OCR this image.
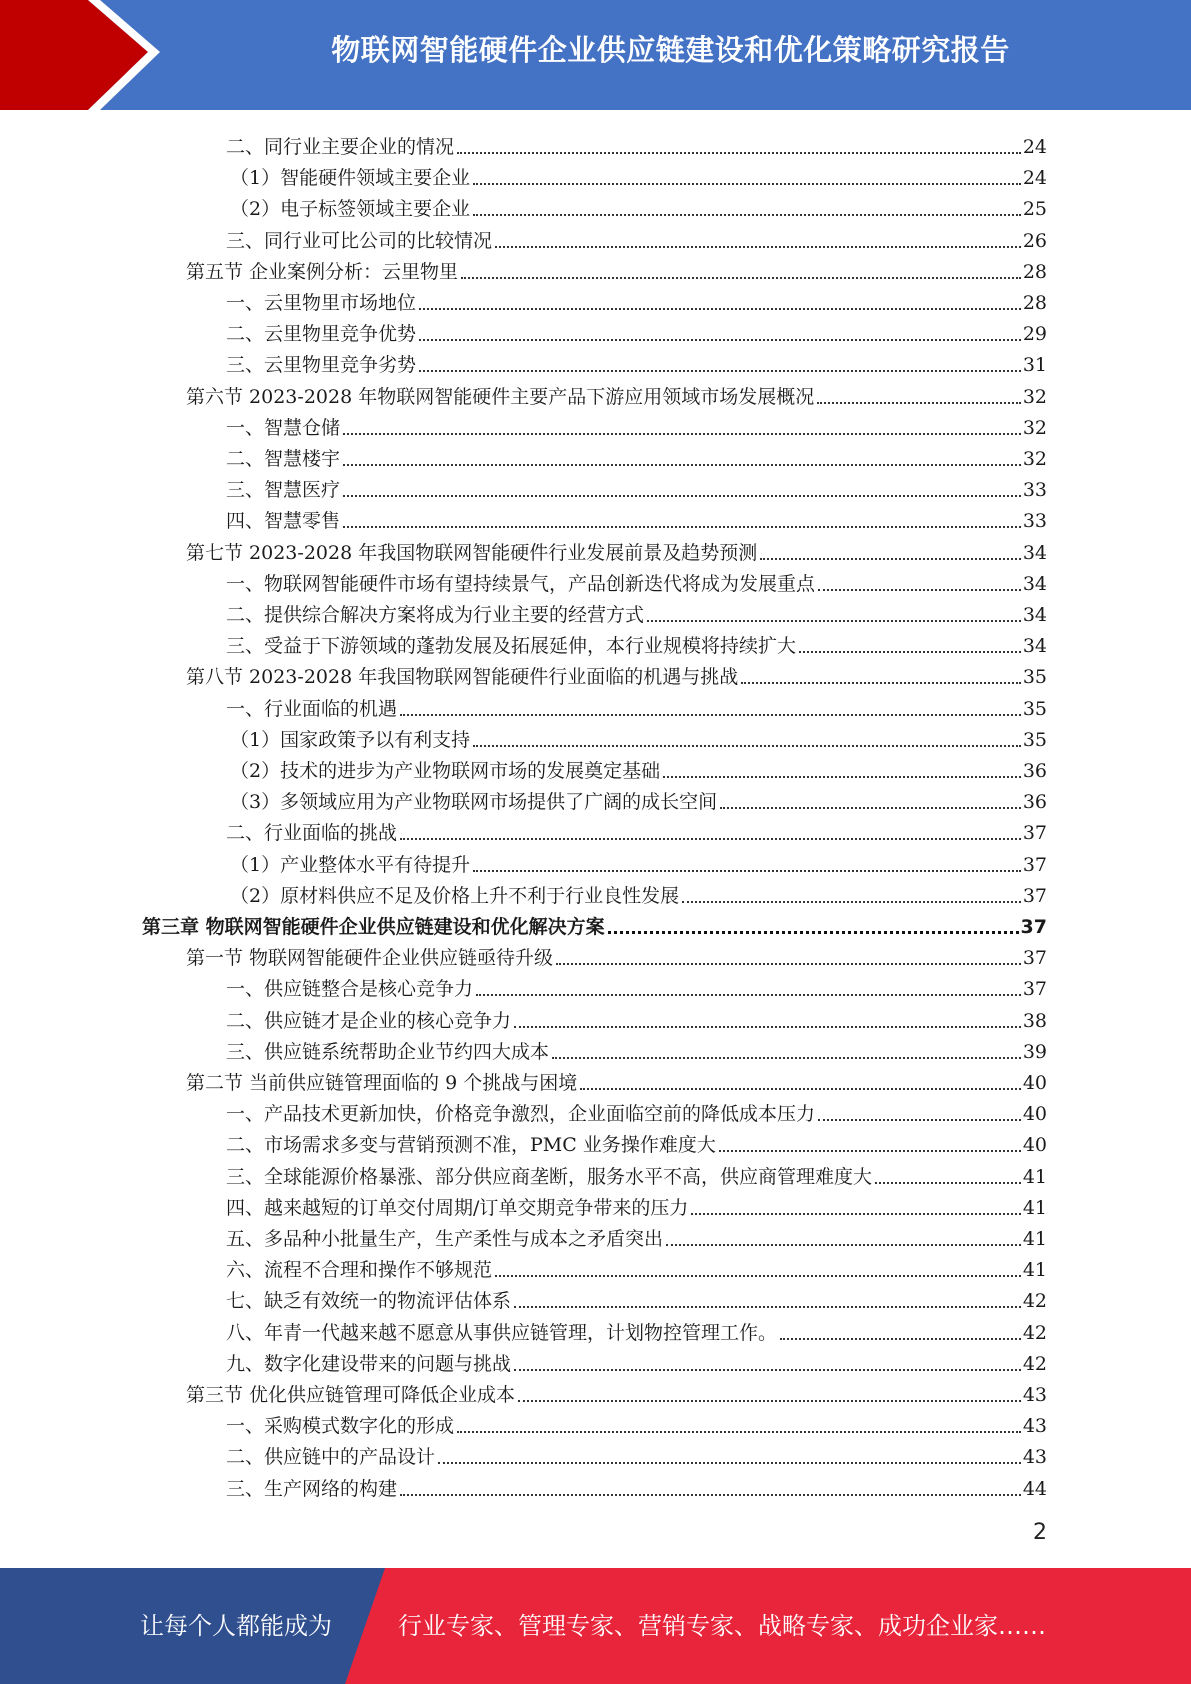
物联网智能硬件企业供应链建设和优化策略研究报告
二、同行业主要企业的情况	24
（1）智能硬件领域主要企业	24
（2）电子标签领域主要企业	25
三、同行业可比公司的比较情况	26
第五节 企业案例分析：云里物里	28
一、云里物里市场地位	28
二、云里物里竞争优势	29
三、云里物里竞争劣势	31
第六节 2023-2028 年物联网智能硬件主要产品下游应用领域市场发展概况	32
一、智慧仓储	32
二、智慧楼宇	32
三、智慧医疗	33
四、智慧零售	33
第七节 2023-2028 年我国物联网智能硬件行业发展前景及趋势预测	34
一、物联网智能硬件市场有望持续景气，产品创新迭代将成为发展重点	34
二、提供综合解决方案将成为行业主要的经营方式	34
三、受益于下游领域的蓬勃发展及拓展延伸，本行业规模将持续扩大	34
第八节 2023-2028 年我国物联网智能硬件行业面临的机遇与挑战	35
一、行业面临的机遇	35
（1）国家政策予以有利支持	35
（2）技术的进步为产业物联网市场的发展奠定基础	36
（3）多领域应用为产业物联网市场提供了广阔的成长空间	36
二、行业面临的挑战	37
（1）产业整体水平有待提升	37
（2）原材料供应不足及价格上升不利于行业良性发展	37
第三章 物联网智能硬件企业供应链建设和优化解决方案	37
第一节 物联网智能硬件企业供应链亟待升级	37
一、供应链整合是核心竞争力	37
二、供应链才是企业的核心竞争力	38
三、供应链系统帮助企业节约四大成本	39
第二节 当前供应链管理面临的 9 个挑战与困境	40
一、产品技术更新加快，价格竞争激烈，企业面临空前的降低成本压力	40
二、市场需求多变与营销预测不准，PMC 业务操作难度大	40
三、全球能源价格暴涨、部分供应商垄断，服务水平不高，供应商管理难度大	41
四、越来越短的订单交付周期/订单交期竞争带来的压力	41
五、多品种小批量生产，生产柔性与成本之矛盾突出	41
六、流程不合理和操作不够规范	41
七、缺乏有效统一的物流评估体系	42
八、年青一代越来越不愿意从事供应链管理，计划物控管理工作。	42
九、数字化建设带来的问题与挑战	42
第三节 优化供应链管理可降低企业成本	43
一、采购模式数字化的形成	43
二、供应链中的产品设计	43
三、生产网络的构建	44
2
让每个人都能成为	行业专家、管理专家、营销专家、战略专家、成功企业家……
